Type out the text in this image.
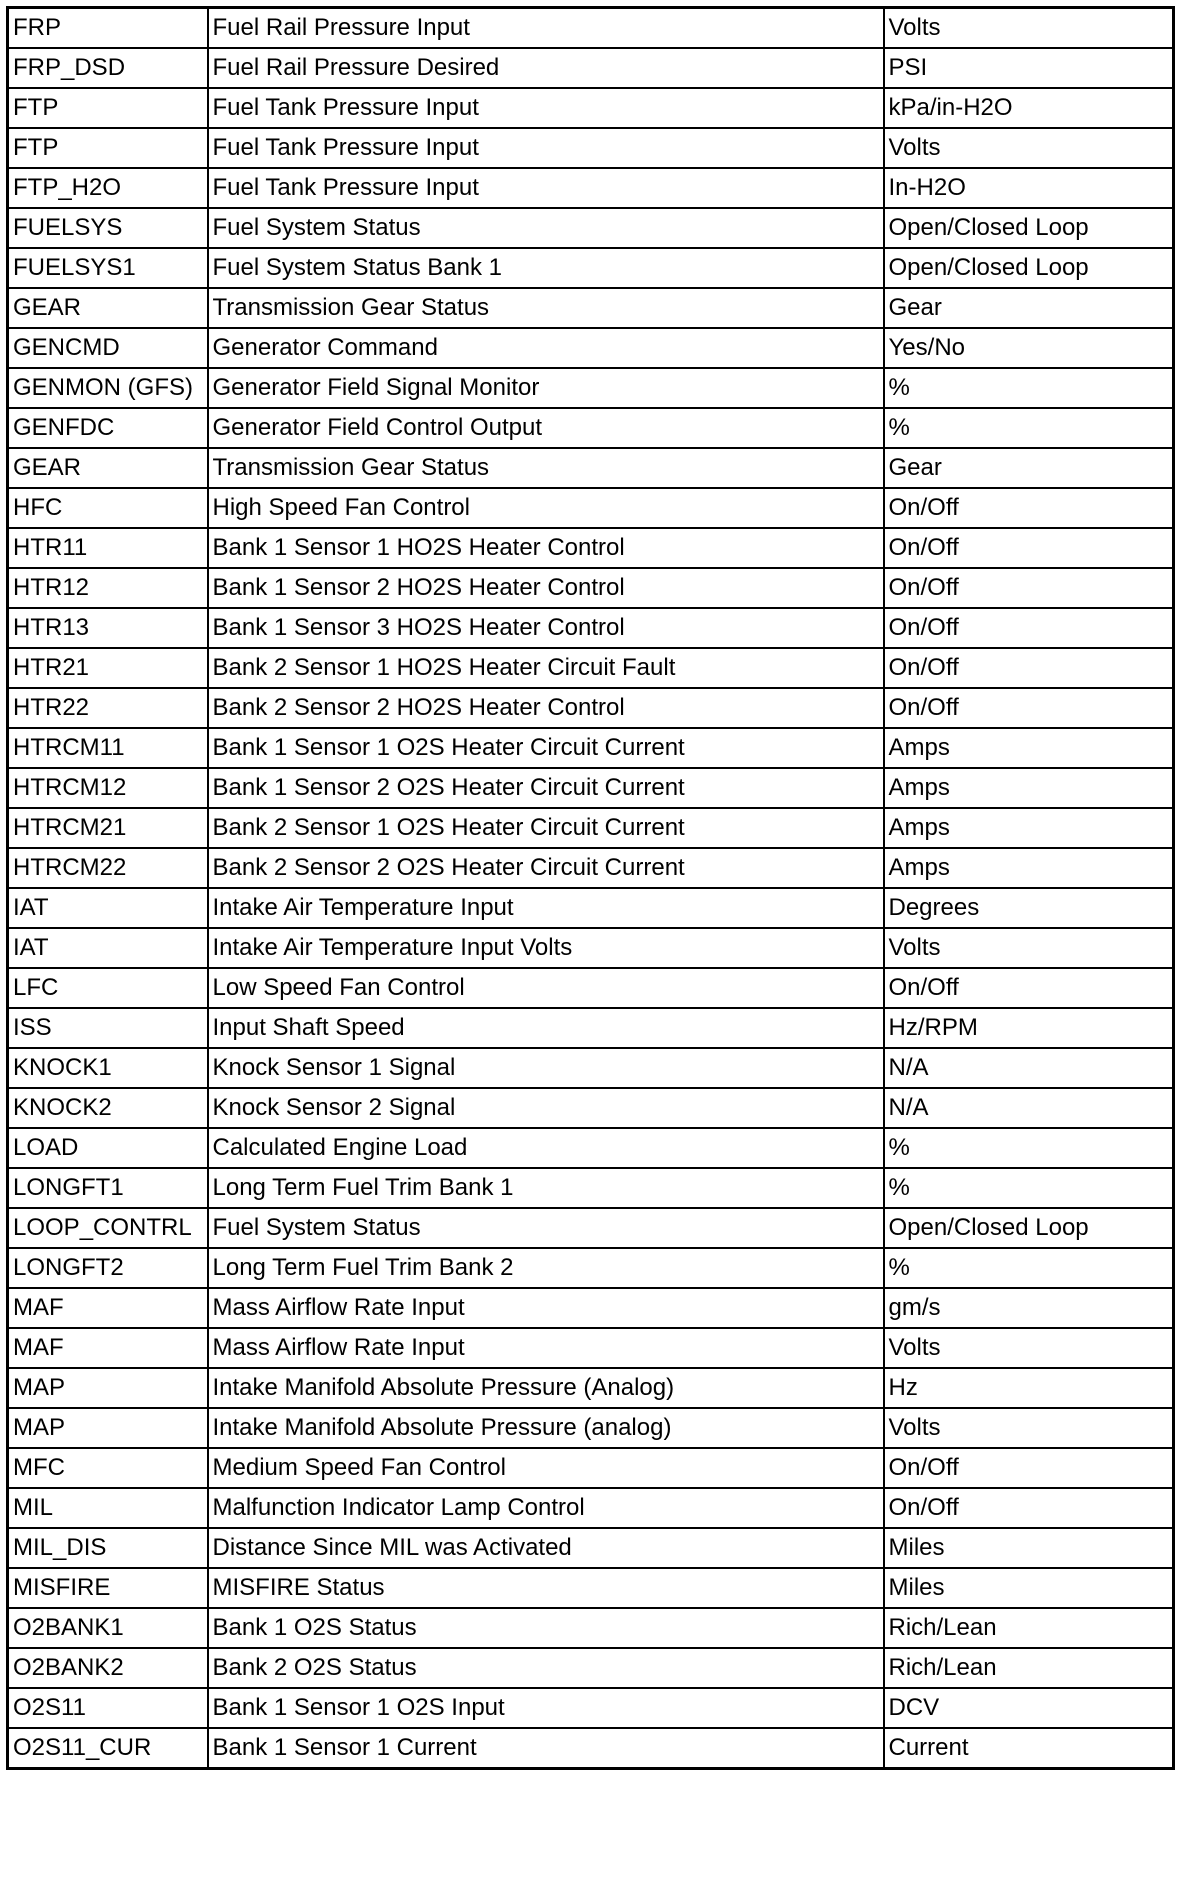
FRP	Fuel Rail Pressure Input	Volts
FRP_DSD	Fuel Rail Pressure Desired	PSI
FTP	Fuel Tank Pressure Input	kPa/in-H2O
FTP	Fuel Tank Pressure Input	Volts
FTP_H2O	Fuel Tank Pressure Input	In-H2O
FUELSYS	Fuel System Status	Open/Closed Loop
FUELSYS1	Fuel System Status Bank 1	Open/Closed Loop
GEAR	Transmission Gear Status	Gear
GENCMD	Generator Command	Yes/No
GENMON (GFS)	Generator Field Signal Monitor	%
GENFDC	Generator Field Control Output	%
GEAR	Transmission Gear Status	Gear
HFC	High Speed Fan Control	On/Off
HTR11	Bank 1 Sensor 1 HO2S Heater Control	On/Off
HTR12	Bank 1 Sensor 2 HO2S Heater Control	On/Off
HTR13	Bank 1 Sensor 3 HO2S Heater Control	On/Off
HTR21	Bank 2 Sensor 1 HO2S Heater Circuit Fault	On/Off
HTR22	Bank 2 Sensor 2 HO2S Heater Control	On/Off
HTRCM11	Bank 1 Sensor 1 O2S Heater Circuit Current	Amps
HTRCM12	Bank 1 Sensor 2 O2S Heater Circuit Current	Amps
HTRCM21	Bank 2 Sensor 1 O2S Heater Circuit Current	Amps
HTRCM22	Bank 2 Sensor 2 O2S Heater Circuit Current	Amps
IAT	Intake Air Temperature Input	Degrees
IAT	Intake Air Temperature Input Volts	Volts
LFC	Low Speed Fan Control	On/Off
ISS	Input Shaft Speed	Hz/RPM
KNOCK1	Knock Sensor 1 Signal	N/A
KNOCK2	Knock Sensor 2 Signal	N/A
LOAD	Calculated Engine Load	%
LONGFT1	Long Term Fuel Trim Bank 1	%
LOOP_CONTRL	Fuel System Status	Open/Closed Loop
LONGFT2	Long Term Fuel Trim Bank 2	%
MAF	Mass Airflow Rate Input	gm/s
MAF	Mass Airflow Rate Input	Volts
MAP	Intake Manifold Absolute Pressure (Analog)	Hz
MAP	Intake Manifold Absolute Pressure (analog)	Volts
MFC	Medium Speed Fan Control	On/Off
MIL	Malfunction Indicator Lamp Control	On/Off
MIL_DIS	Distance Since MIL was Activated	Miles
MISFIRE	MISFIRE Status	Miles
O2BANK1	Bank 1 O2S Status	Rich/Lean
O2BANK2	Bank 2 O2S Status	Rich/Lean
O2S11	Bank 1 Sensor 1 O2S Input	DCV
O2S11_CUR	Bank 1 Sensor 1 Current	Current
